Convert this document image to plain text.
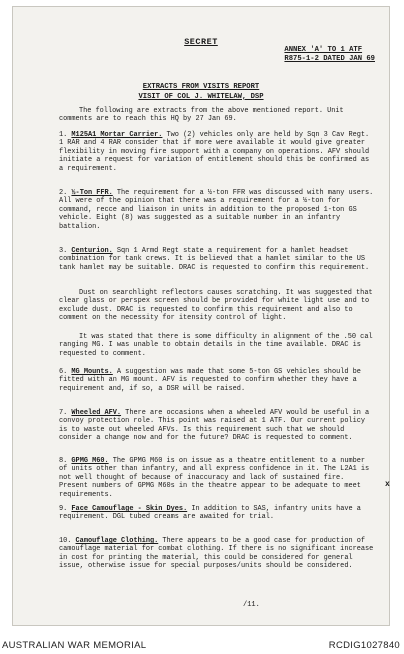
SECRET
ANNEX 'A' TO 1 ATF
R875-1-2 DATED JAN 69
EXTRACTS FROM VISITS REPORT
VISIT OF COL J. WHITELAW, DSP
The following are extracts from the above mentioned report. Unit comments are to reach this HQ by 27 Jan 69.
1. M125A1 Mortar Carrier. Two (2) vehicles only are held by Sqn 3 Cav Regt. 1 RAR and 4 RAR consider that if more were available it would give greater flexibility in moving fire support with a company on operations. AFV should initiate a request for variation of entitlement should this be confirmed as a requirement.
2. ½-Ton FFR. The requirement for a ½-ton FFR was discussed with many users. All were of the opinion that there was a requirement for a ½-ton for command, recce and liaison in units in addition to the proposed 1-ton GS vehicle. Eight (8) was suggested as a suitable number in an infantry battalion.
3. Centurion. Sqn 1 Armd Regt state a requirement for a hamlet headset combination for tank crews. It is believed that a hamlet similar to the US tank hamlet may be suitable. DRAC is requested to confirm this requirement.
Dust on searchlight reflectors causes scratching. It was suggested that clear glass or perspex screen should be provided for white light use and to exclude dust. DRAC is requested to confirm this requirement and also to comment on the necessity for itensity control of light.
It was stated that there is some difficulty in alignment of the .50 cal ranging MG. I was unable to obtain details in the time available. DRAC is requested to comment.
6. MG Mounts. A suggestion was made that some 5-ton GS vehicles should be fitted with an MG mount. AFV is requested to confirm whether they have a requirement and, if so, a DSR will be raised.
7. Wheeled AFV. There are occasions when a wheeled AFV would be useful in a convoy protection role. This point was raised at 1 ATF. Our current policy is to waste out wheeled AFVs. Is this requirement such that we should consider a change now and for the future? DRAC is requested to comment.
8. GPMG M60. The GPMG M60 is on issue as a theatre entitlement to a number of units other than infantry, and all express confidence in it. The L2A1 is not well thought of because of inaccuracy and lack of sustained fire. Present numbers of GPMG M60s in the theatre appear to be adequate to meet requirements.
9. Face Camouflage - Skin Dyes. In addition to SAS, infantry units have a requirement. DGL tubed creams are awaited for trial.
10. Camouflage Clothing. There appears to be a good case for production of camouflage material for combat clothing. If there is no significant increase in cost for printing the material, this could be considered for general issue, otherwise issue for special purposes/units should be considered.
x
/11.
AUSTRALIAN WAR MEMORIAL	RCDIG1027840
